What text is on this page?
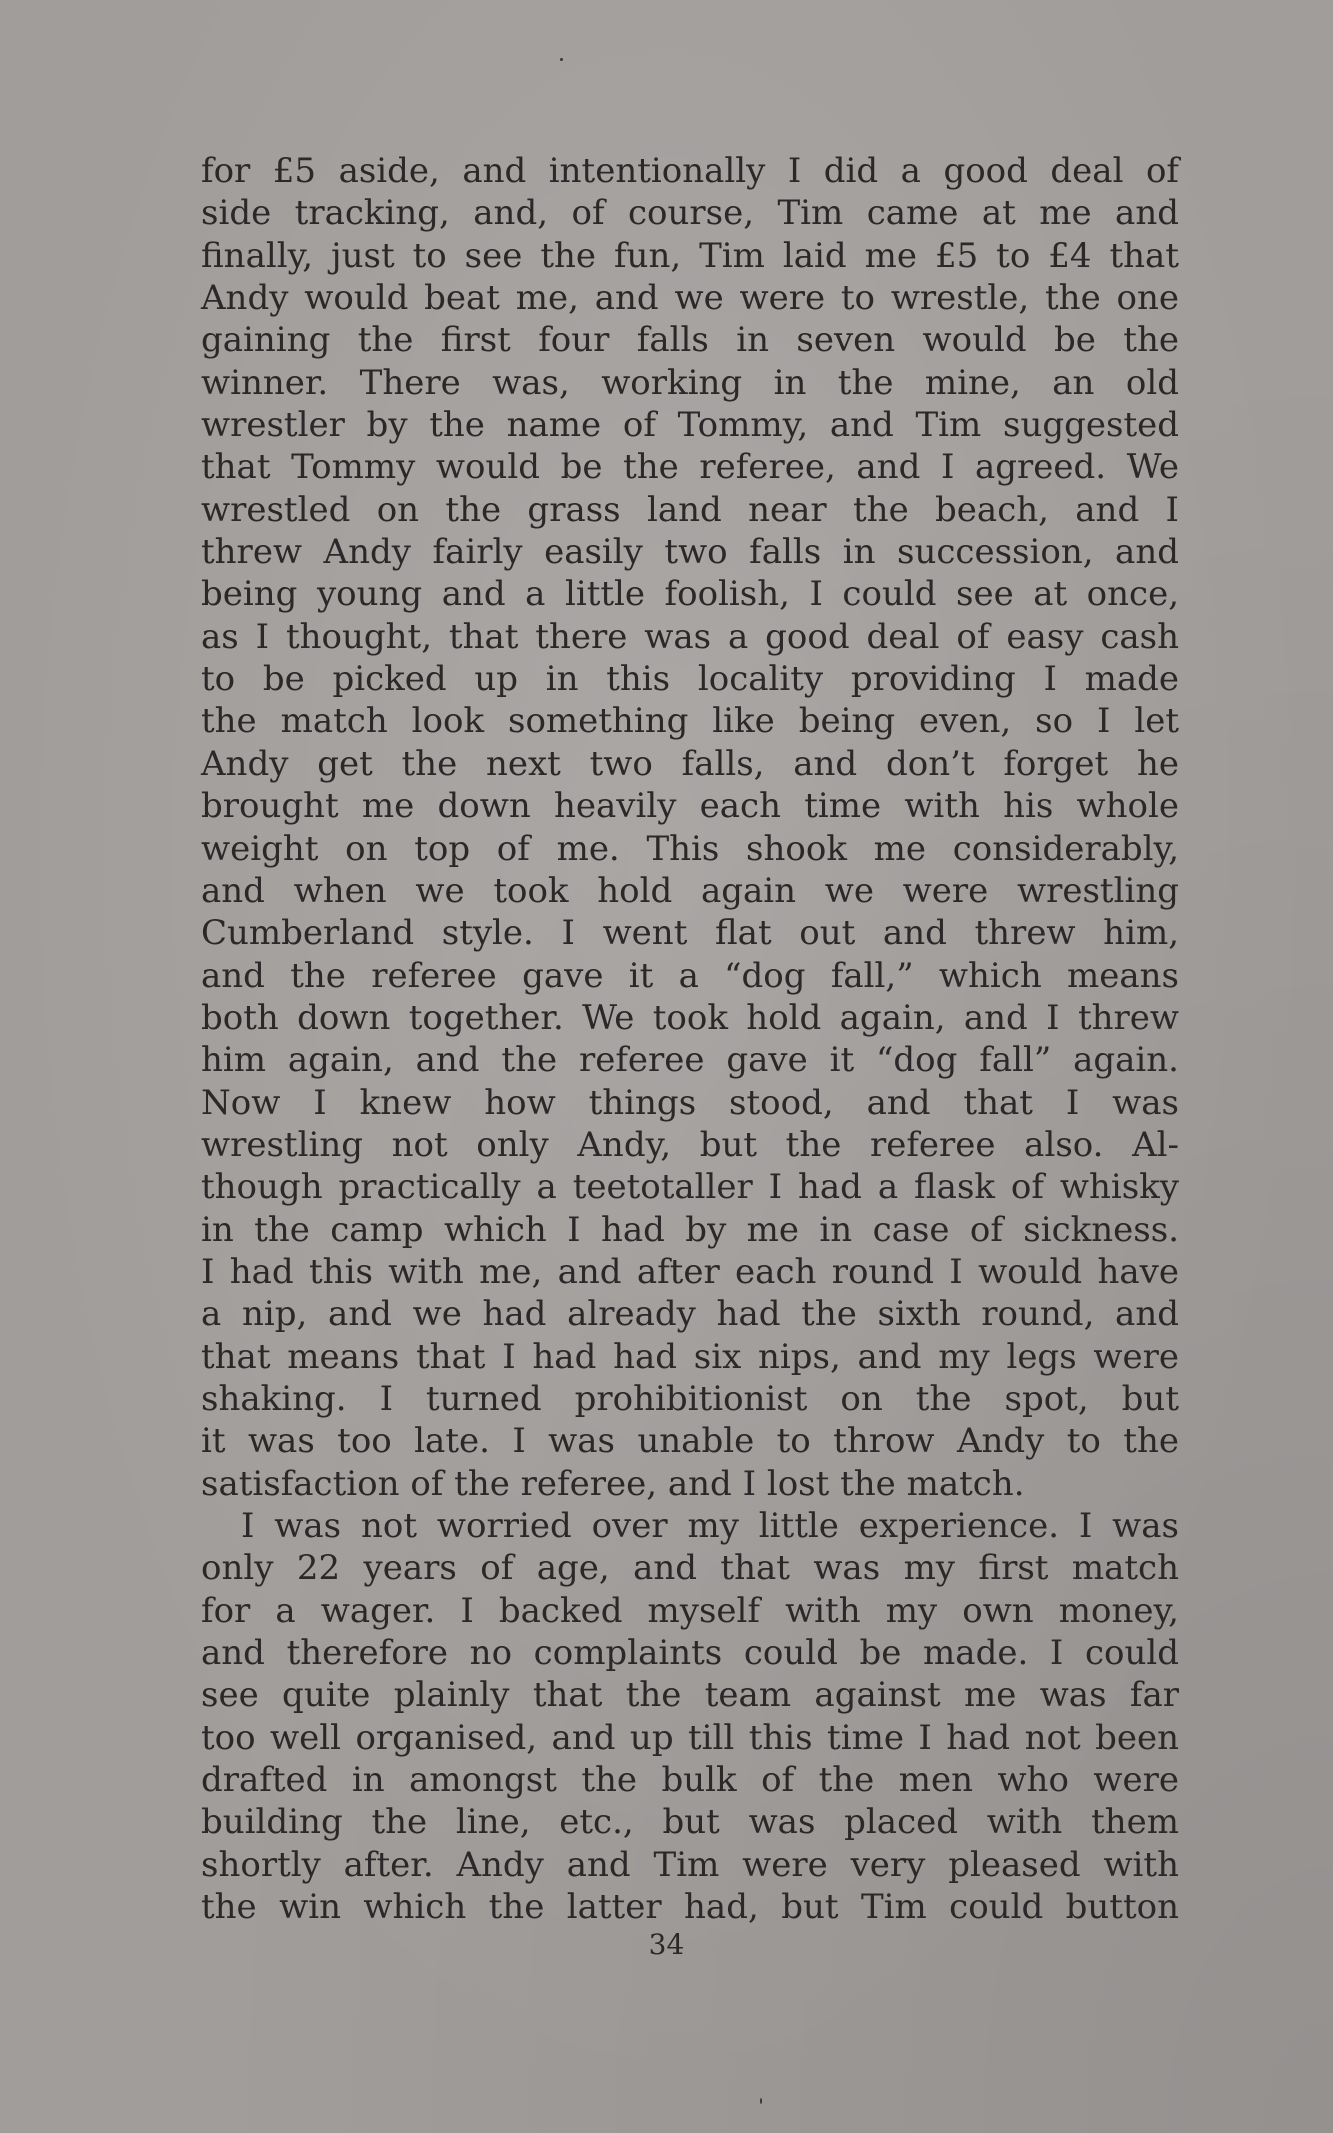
for £5 aside, and intentionally I did a good deal of
side tracking, and, of course, Tim came at me and
finally, just to see the fun, Tim laid me £5 to £4 that
Andy would beat me, and we were to wrestle, the one
gaining the first four falls in seven would be the
winner. There was, working in the mine, an old
wrestler by the name of Tommy, and Tim suggested
that Tommy would be the referee, and I agreed. We
wrestled on the grass land near the beach, and I
threw Andy fairly easily two falls in succession, and
being young and a little foolish, I could see at once,
as I thought, that there was a good deal of easy cash
to be picked up in this locality providing I made
the match look something like being even, so I let
Andy get the next two falls, and don’t forget he
brought me down heavily each time with his whole
weight on top of me. This shook me considerably,
and when we took hold again we were wrestling
Cumberland style. I went flat out and threw him,
and the referee gave it a “dog fall,” which means
both down together. We took hold again, and I threw
him again, and the referee gave it “dog fall” again.
Now I knew how things stood, and that I was
wrestling not only Andy, but the referee also. Al-
though practically a teetotaller I had a flask of whisky
in the camp which I had by me in case of sickness.
I had this with me, and after each round I would have
a nip, and we had already had the sixth round, and
that means that I had had six nips, and my legs were
shaking. I turned prohibitionist on the spot, but
it was too late. I was unable to throw Andy to the
satisfaction of the referee, and I lost the match.
I was not worried over my little experience. I was
only 22 years of age, and that was my first match
for a wager. I backed myself with my own money,
and therefore no complaints could be made. I could
see quite plainly that the team against me was far
too well organised, and up till this time I had not been
drafted in amongst the bulk of the men who were
building the line, etc., but was placed with them
shortly after. Andy and Tim were very pleased with
the win which the latter had, but Tim could button
34
